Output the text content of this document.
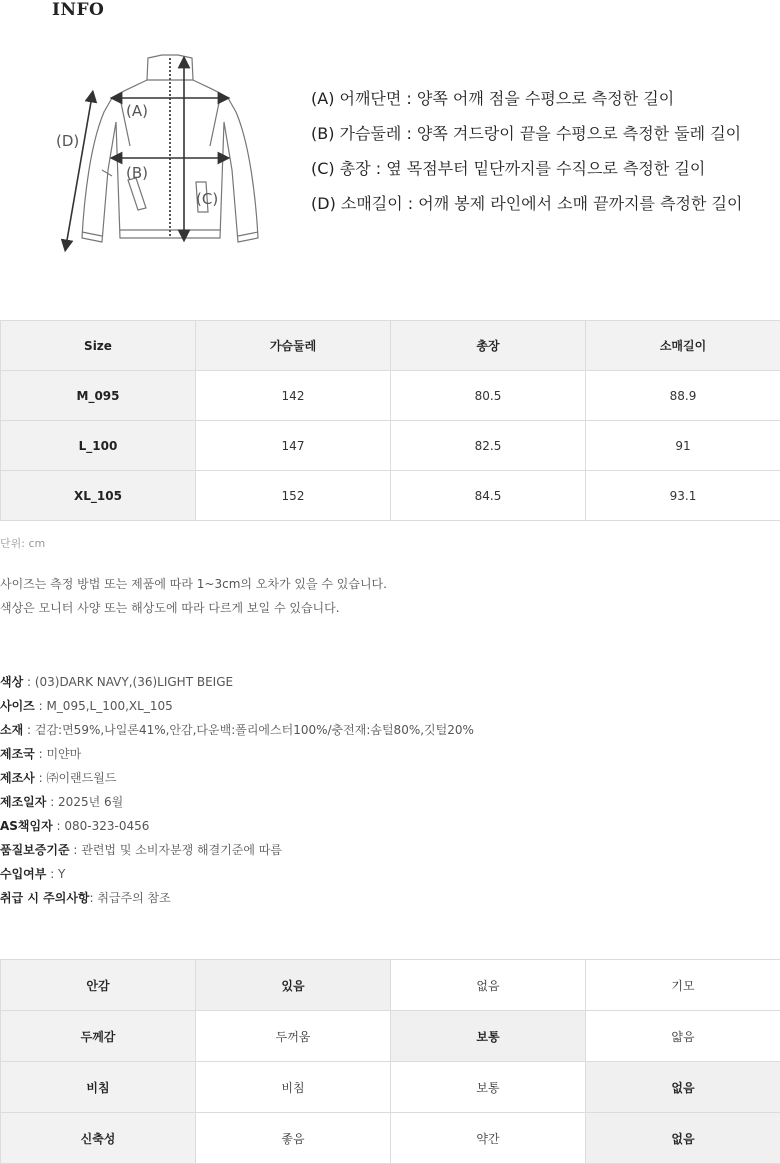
INFO
(A)
(B)
(C)
(D)
(A) 어깨단면 : 양쪽 어깨 점을 수평으로 측정한 길이
(B) 가슴둘레 : 양쪽 겨드랑이 끝을 수평으로 측정한 둘레 길이
(C) 총장 : 옆 목점부터 밑단까지를 수직으로 측정한 길이
(D) 소매길이 : 어깨 봉제 라인에서 소매 끝까지를 측정한 길이
Size	가슴둘레	총장	소매길이
M_095	142	80.5	88.9
L_100	147	82.5	91
XL_105	152	84.5	93.1
단위: cm
사이즈는 측정 방법 또는 제품에 따라 1~3cm의 오차가 있을 수 있습니다.
색상은 모니터 사양 또는 해상도에 따라 다르게 보일 수 있습니다.
색상 : (03)DARK NAVY,(36)LIGHT BEIGE
사이즈 : M_095,L_100,XL_105
소재 : 겉감:면59%,나일론41%,안감,다운백:폴리에스터100%/충전재:솜털80%,깃털20%
제조국 : 미얀마
제조사 : ㈜이랜드월드
제조일자 : 2025년 6월
AS책임자 : 080-323-0456
품질보증기준 : 관련법 및 소비자분쟁 해결기준에 따름
수입여부 : Y
취급 시 주의사항: 취급주의 참조
안감	있음	없음	기모
두께감	두꺼움	보통	얇음
비침	비침	보통	없음
신축성	좋음	약간	없음
